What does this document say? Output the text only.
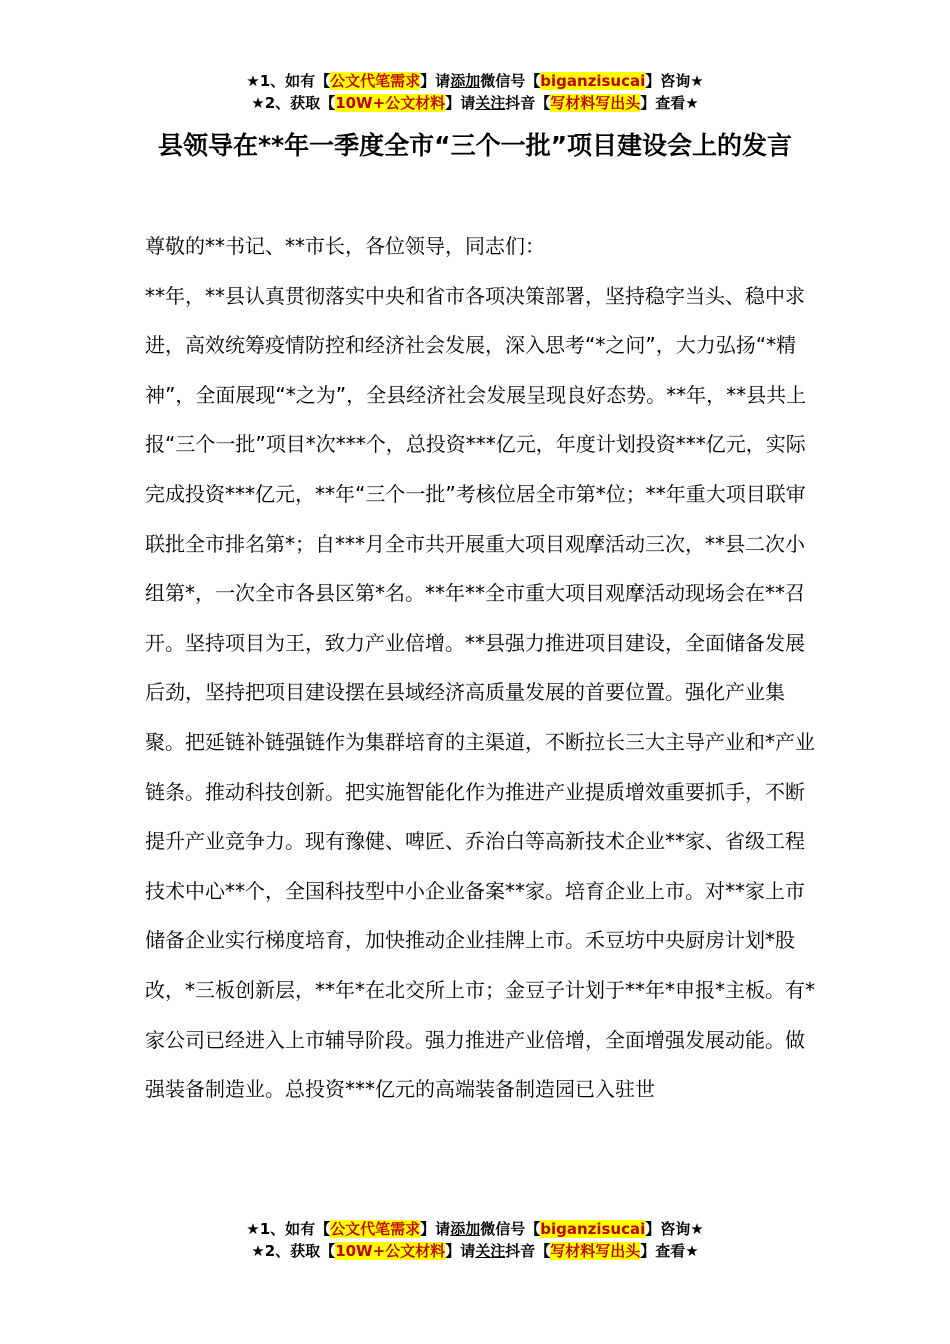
★1、如有【公文代笔需求】请添加微信号【biganzisucai】咨询★
★2、获取【10W+公文材料】请关注抖音【写材料写出头】查看★
县领导在**年一季度全市“三个一批”项目建设会上的发言

尊敬的**书记、**市长，各位领导，同志们：

**年，**县认真贯彻落实中央和省市各项决策部署，坚持稳字当头、稳中求进，高效统筹疫情防控和经济社会发展，深入思考“*之问”，大力弘扬“*精神”，全面展现“*之为”，全县经济社会发展呈现良好态势。**年，**县共上报“三个一批”项目*次***个，总投资***亿元，年度计划投资***亿元，实际完成投资***亿元，**年“三个一批”考核位居全市第*位；**年重大项目联审联批全市排名第*；自***月全市共开展重大项目观摩活动三次，**县二次小组第*，一次全市各县区第*名。**年**全市重大项目观摩活动现场会在**召开。坚持项目为王，致力产业倍增。**县强力推进项目建设，全面储备发展后劲，坚持把项目建设摆在县域经济高质量发展的首要位置。强化产业集聚。把延链补链强链作为集群培育的主渠道，不断拉长三大主导产业和*产业链条。推动科技创新。把实施智能化作为推进产业提质增效重要抓手，不断提升产业竞争力。现有豫健、啤匠、乔治白等高新技术企业**家、省级工程技术中心**个，全国科技型中小企业备案**家。培育企业上市。对**家上市储备企业实行梯度培育，加快推动企业挂牌上市。禾豆坊中央厨房计划*股改，*三板创新层，**年*在北交所上市；金豆子计划于**年*申报*主板。有*家公司已经进入上市辅导阶段。强力推进产业倍增，全面增强发展动能。做强装备制造业。总投资***亿元的高端装备制造园已入驻世

★1、如有【公文代笔需求】请添加微信号【biganzisucai】咨询★
★2、获取【10W+公文材料】请关注抖音【写材料写出头】查看★
